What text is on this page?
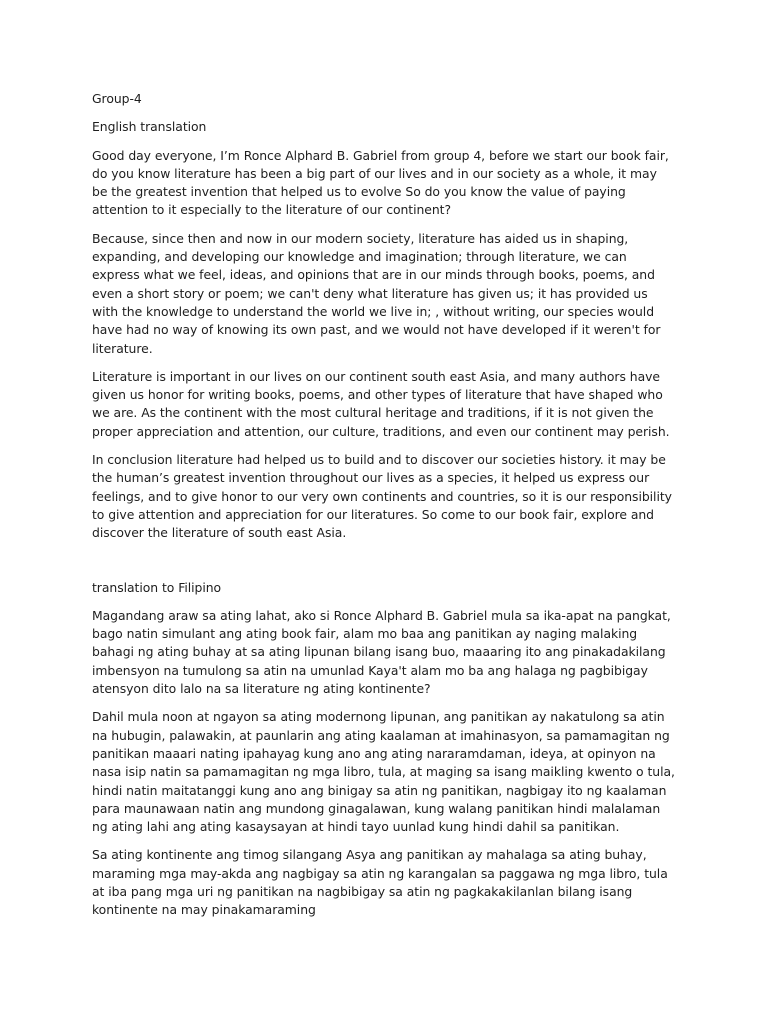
Group-4

English translation

Good day everyone, I’m Ronce Alphard B. Gabriel from group 4, before we start our book fair, do you know literature has been a big part of our lives and in our society as a whole, it may be the greatest invention that helped us to evolve So do you know the value of paying attention to it especially to the literature of our continent?

Because, since then and now in our modern society, literature has aided us in shaping, expanding, and developing our knowledge and imagination; through literature, we can express what we feel, ideas, and opinions that are in our minds through books, poems, and even a short story or poem; we can't deny what literature has given us; it has provided us with the knowledge to understand the world we live in; , without writing, our species would have had no way of knowing its own past, and we would not have developed if it weren't for literature.

Literature is important in our lives on our continent south east Asia, and many authors have given us honor for writing books, poems, and other types of literature that have shaped who we are. As the continent with the most cultural heritage and traditions, if it is not given the proper appreciation and attention, our culture, traditions, and even our continent may perish.

In conclusion literature had helped us to build and to discover our societies history. it may be the human’s greatest invention throughout our lives as a species, it helped us express our feelings, and to give honor to our very own continents and countries, so it is our responsibility to give attention and appreciation for our literatures. So come to our book fair, explore and discover the literature of south east Asia.

translation to Filipino

Magandang araw sa ating lahat, ako si Ronce Alphard B. Gabriel mula sa ika-apat na pangkat, bago natin simulant ang ating book fair, alam mo baa ang panitikan ay naging malaking bahagi ng ating buhay at sa ating lipunan bilang isang buo, maaaring ito ang pinakadakilang imbensyon na tumulong sa atin na umunlad Kaya't alam mo ba ang halaga ng pagbibigay atensyon dito lalo na sa literature ng ating kontinente?

Dahil mula noon at ngayon sa ating modernong lipunan, ang panitikan ay nakatulong sa atin na hubugin, palawakin, at paunlarin ang ating kaalaman at imahinasyon, sa pamamagitan ng panitikan maaari nating ipahayag kung ano ang ating nararamdaman, ideya, at opinyon na nasa isip natin sa pamamagitan ng mga libro, tula, at maging sa isang maikling kwento o tula, hindi natin maitatanggi kung ano ang binigay sa atin ng panitikan, nagbigay ito ng kaalaman para maunawaan natin ang mundong ginagalawan, kung walang panitikan hindi malalaman ng ating lahi ang ating kasaysayan at hindi tayo uunlad kung hindi dahil sa panitikan.

Sa ating kontinente ang timog silangang Asya ang panitikan ay mahalaga sa ating buhay, maraming mga may-akda ang nagbigay sa atin ng karangalan sa paggawa ng mga libro, tula at iba pang mga uri ng panitikan na nagbibigay sa atin ng pagkakakilanlan bilang isang kontinente na may pinakamaraming
